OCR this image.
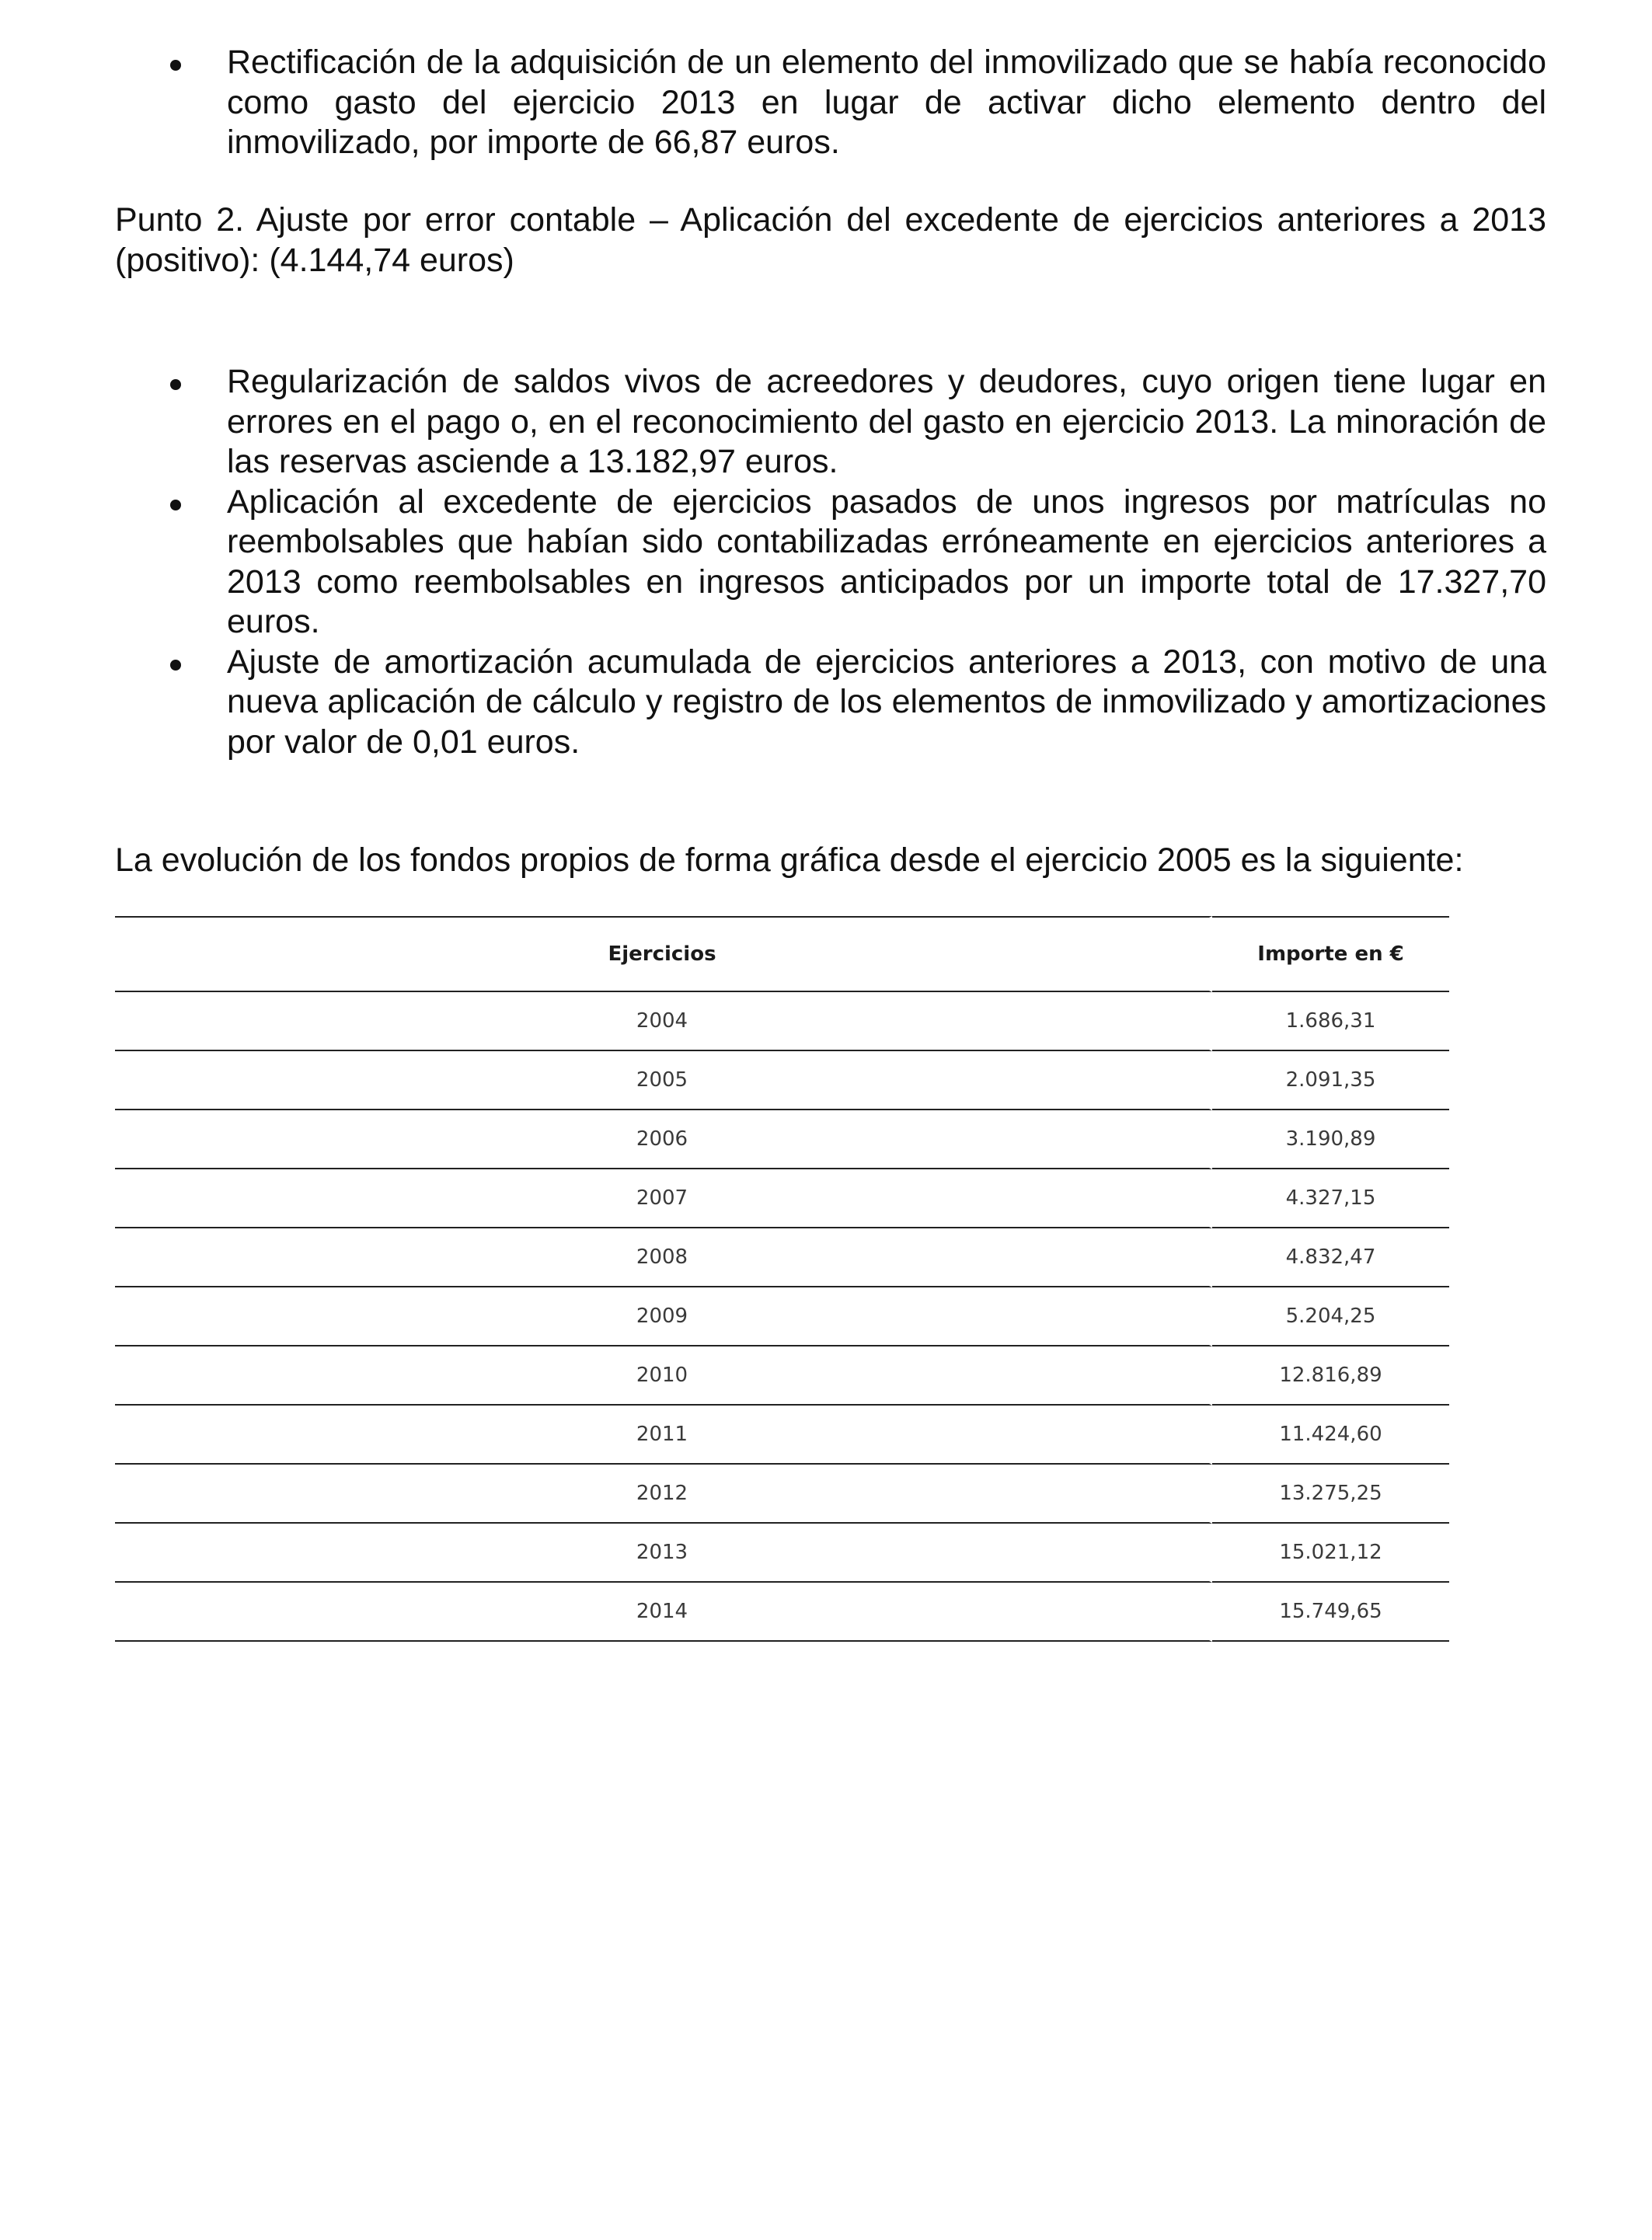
Rectificación de la adquisición de un elemento del inmovilizado que se había reconocido como gasto del ejercicio 2013 en lugar de activar dicho elemento dentro del inmovilizado, por importe de 66,87 euros.

Punto 2. Ajuste por error contable – Aplicación del excedente de ejercicios anteriores a 2013 (positivo): (4.144,74 euros)

Regularización de saldos vivos de acreedores y deudores, cuyo origen tiene lugar en errores en el pago o, en el reconocimiento del gasto en ejercicio 2013. La minoración de las reservas asciende a 13.182,97 euros.
Aplicación al excedente de ejercicios pasados de unos ingresos por matrículas no reembolsables que habían sido contabilizadas erróneamente en ejercicios anteriores a 2013 como reembolsables en ingresos anticipados por un importe total de 17.327,70 euros.
Ajuste de amortización acumulada de ejercicios anteriores a 2013, con motivo de una nueva aplicación de cálculo y registro de los elementos de inmovilizado y amortizaciones por valor de 0,01 euros.

La evolución de los fondos propios de forma gráfica desde el ejercicio 2005 es la siguiente:

Ejercicios	Importe en €
2004	1.686,31
2005	2.091,35
2006	3.190,89
2007	4.327,15
2008	4.832,47
2009	5.204,25
2010	12.816,89
2011	11.424,60
2012	13.275,25
2013	15.021,12
2014	15.749,65
